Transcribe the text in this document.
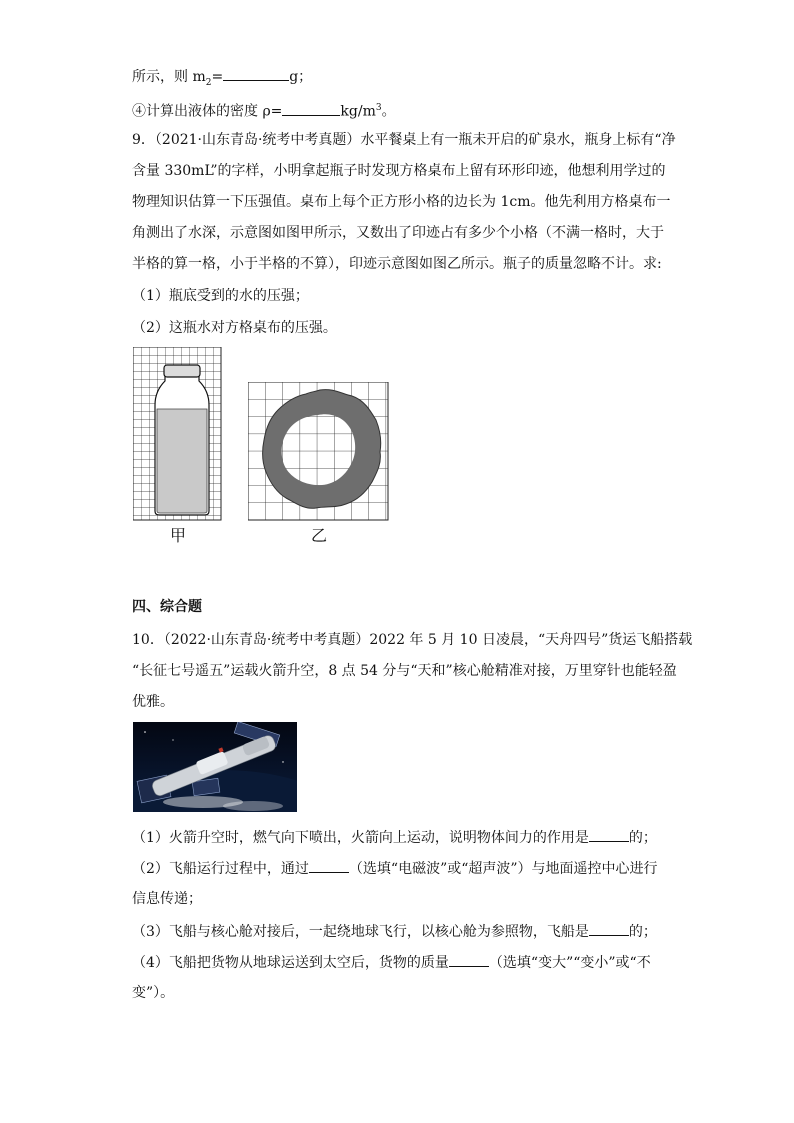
所示，则 $m_2=$	g；
④计算出液体的密度 ρ=	$kg/m^3$。
9．（2021·山东青岛·统考中考真题）水平餐桌上有一瓶未开启的矿泉水，瓶身上标有“净
含量 330mL”的字样，小明拿起瓶子时发现方格桌布上留有环形印迹，他想利用学过的
物理知识估算一下压强值。桌布上每个正方形小格的边长为 1cm。他先利用方格桌布一
角测出了水深，示意图如图甲所示，又数出了印迹占有多少个小格（不满一格时，大于
半格的算一格，小于半格的不算），印迹示意图如图乙所示。瓶子的质量忽略不计。求:
（1）瓶底受到的水的压强；
（2）这瓶水对方格桌布的压强。
甲	乙
四、综合题
10．（2022·山东青岛·统考中考真题）2022 年 5 月 10 日凌晨，“天舟四号”货运飞船搭载
“长征七号遥五”运载火箭升空，8 点 54 分与“天和”核心舱精准对接，万里穿针也能轻盈
优雅。
（1）火箭升空时，燃气向下喷出，火箭向上运动，说明物体间力的作用是	的；
（2）飞船运行过程中，通过	（选填“电磁波”或“超声波”）与地面遥控中心进行
信息传递；
（3）飞船与核心舱对接后，一起绕地球飞行，以核心舱为参照物，飞船是	的；
（4）飞船把货物从地球运送到太空后，货物的质量	（选填“变大”“变小”或“不
变”）。
